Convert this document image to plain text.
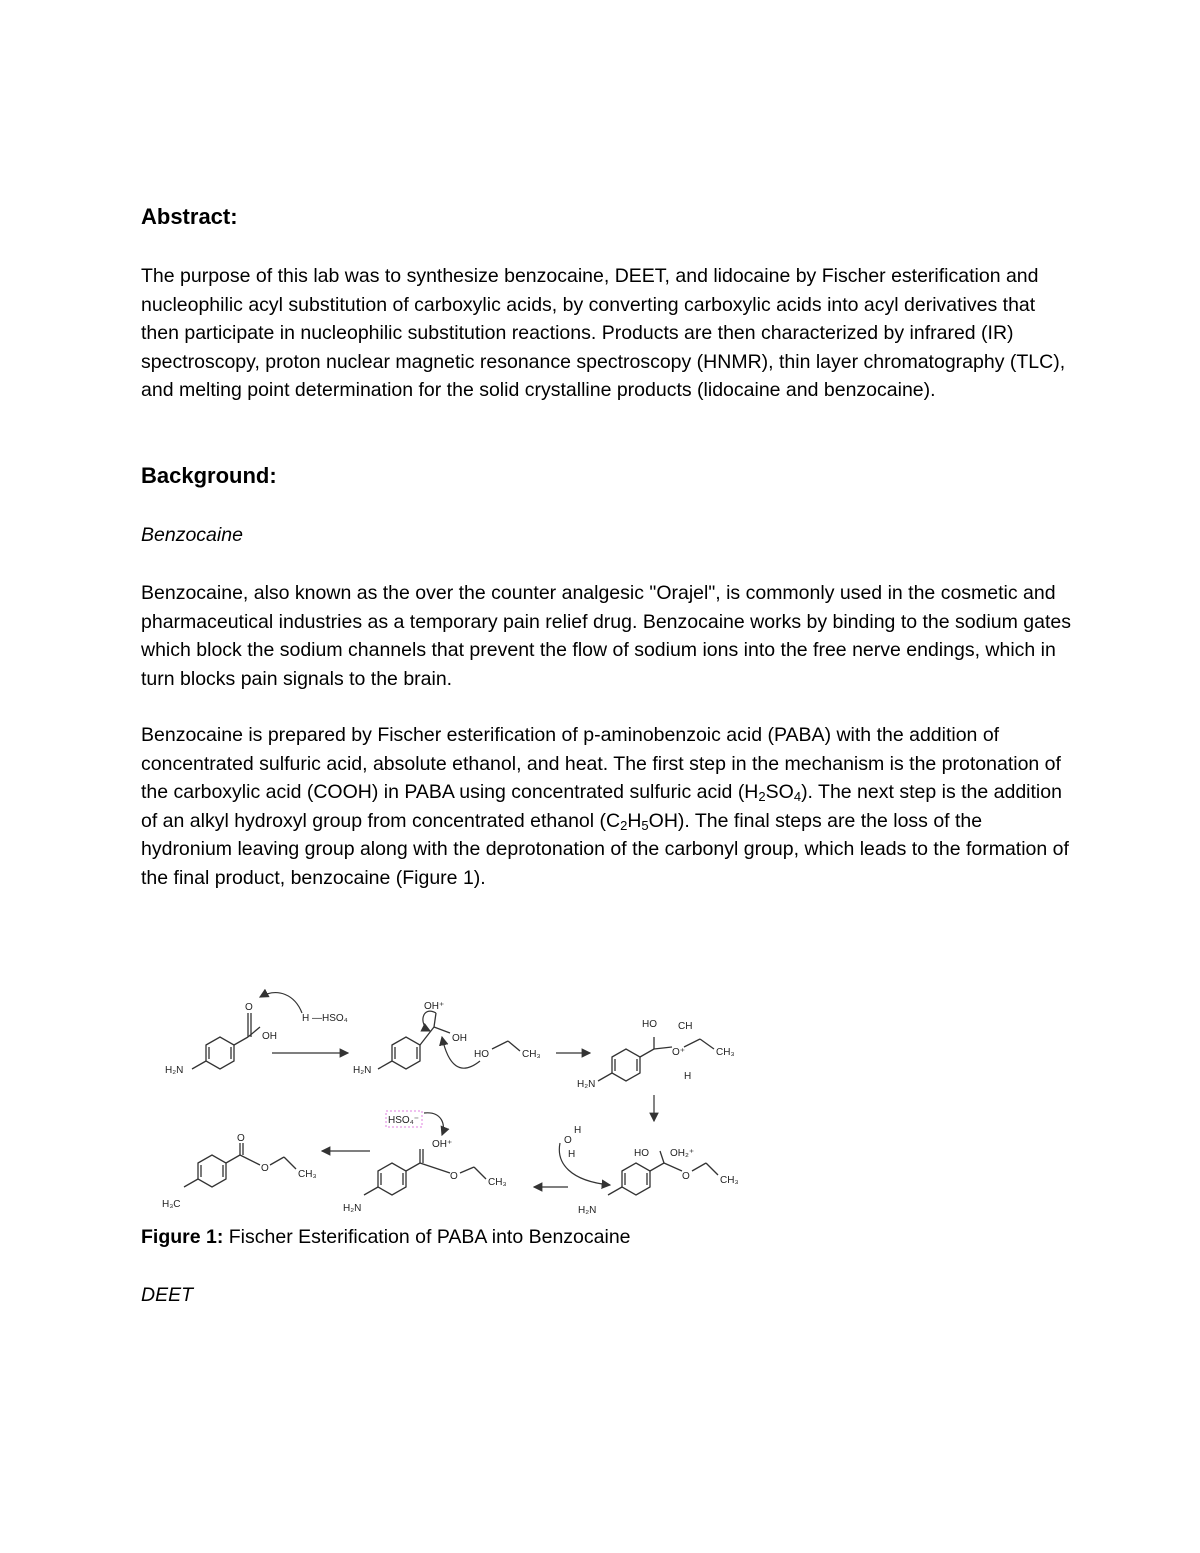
Abstract:

The purpose of this lab was to synthesize benzocaine, DEET, and lidocaine by Fischer esterification and nucleophilic acyl substitution of carboxylic acids, by converting carboxylic acids into acyl derivatives that then participate in nucleophilic substitution reactions. Products are then characterized by infrared (IR) spectroscopy, proton nuclear magnetic resonance spectroscopy (HNMR), thin layer chromatography (TLC), and melting point determination for the solid crystalline products (lidocaine and benzocaine).

Background:

Benzocaine

Benzocaine, also known as the over the counter analgesic "Orajel", is commonly used in the cosmetic and pharmaceutical industries as a temporary pain relief drug. Benzocaine works by binding to the sodium gates which block the sodium channels that prevent the flow of sodium ions into the free nerve endings, which in turn blocks pain signals to the brain.

Benzocaine is prepared by Fischer esterification of p-aminobenzoic acid (PABA) with the addition of concentrated sulfuric acid, absolute ethanol, and heat. The first step in the mechanism is the protonation of the carboxylic acid (COOH) in PABA using concentrated sulfuric acid $(H_2SO_4)$. The next step is the addition of an alkyl hydroxyl group from concentrated ethanol $(C_2H_5OH)$. The final steps are the loss of the hydronium leaving group along with the deprotonation of the carbonyl group, which leads to the formation of the final product, benzocaine (Figure 1).

Figure 1: Fischer Esterification of PABA into Benzocaine

DEET

O
OH
H₂N
H —HSO₄
OH⁺
OH
H₂N
HO	CH₃
HO CH
O⁺	CH₃
H
H₂N
O
H
H	HO OH₂⁺
O	CH₃
H₂N
HSO₄⁻
OH⁺
O
CH₃
H₂N
O
O
CH₃
H₃C
